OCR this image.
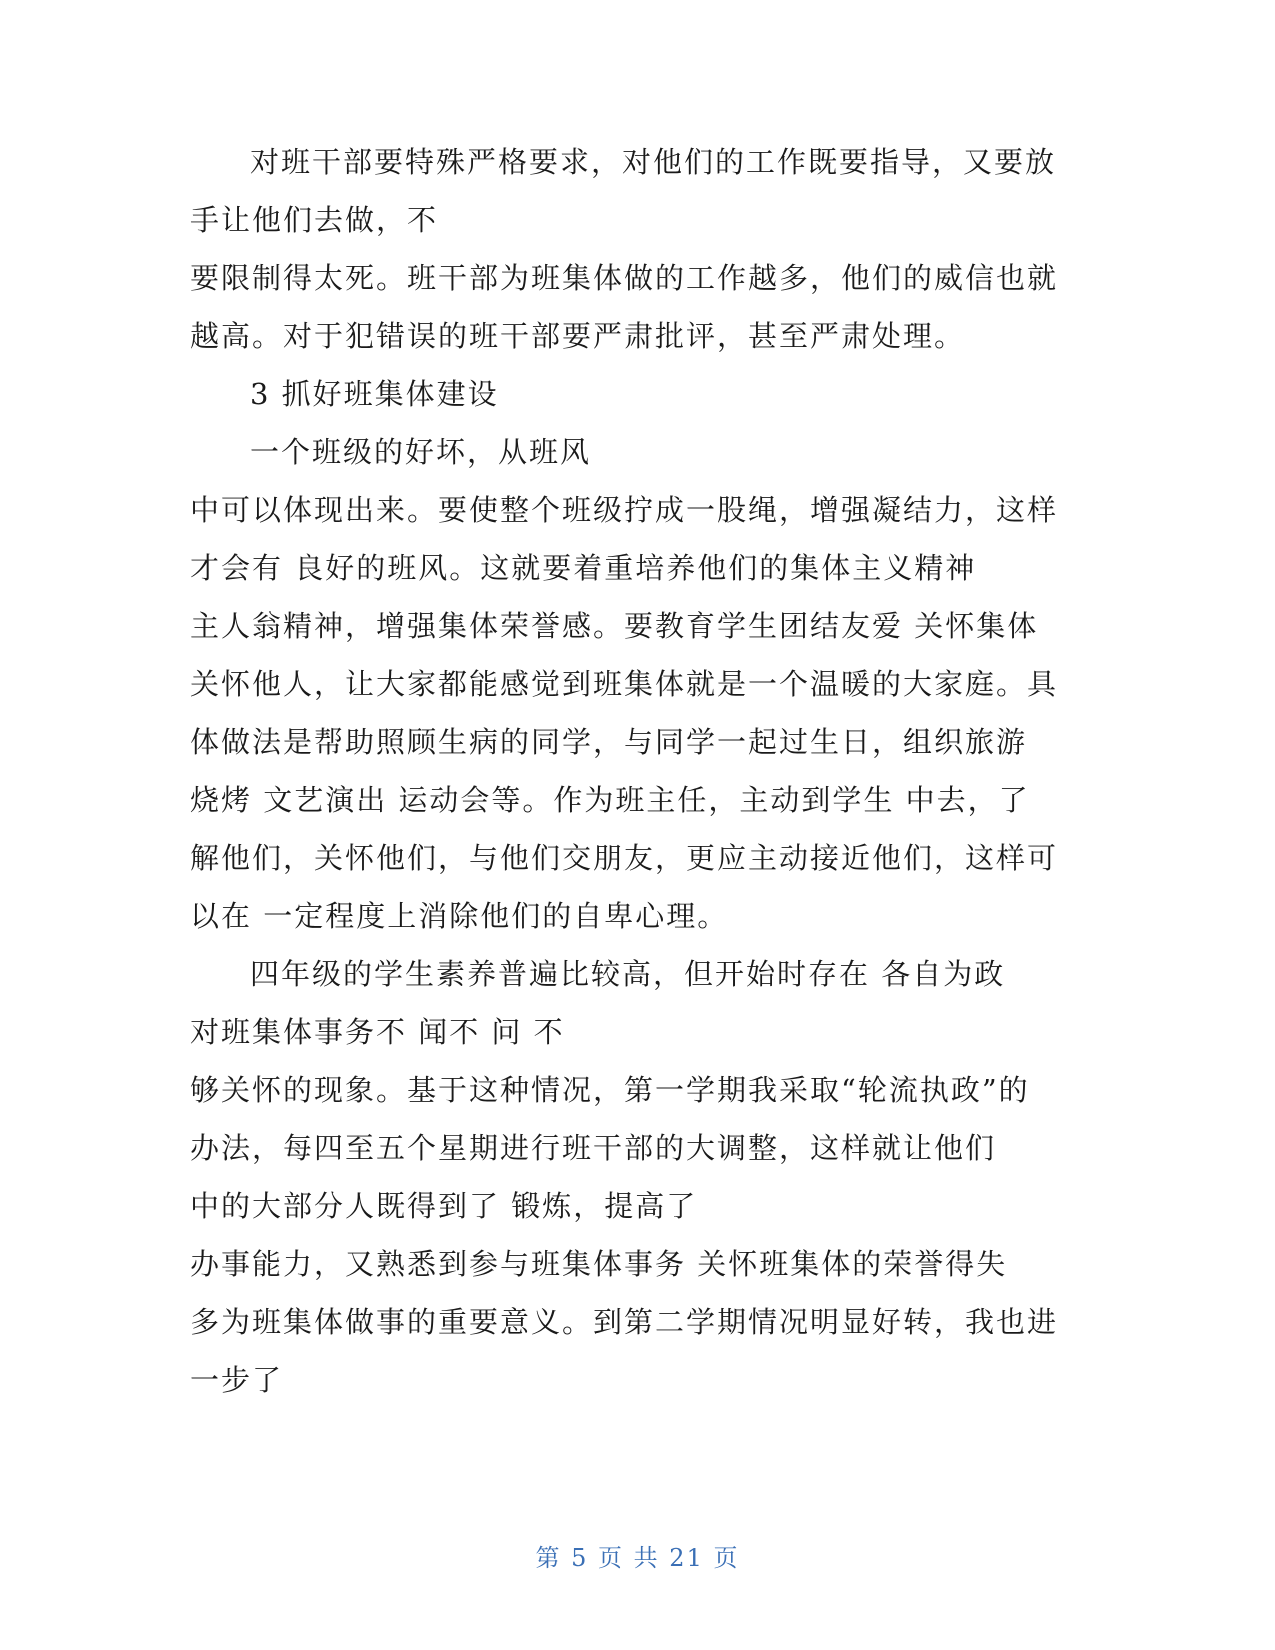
对班干部要特殊严格要求，对他们的工作既要指导，又要放
手让他们去做，不
要限制得太死。班干部为班集体做的工作越多，他们的威信也就
越高。对于犯错误的班干部要严肃批评，甚至严肃处理。
3 抓好班集体建设
一个班级的好坏，从班风
中可以体现出来。要使整个班级拧成一股绳，增强凝结力，这样
才会有 良好的班风。这就要着重培养他们的集体主义精神
主人翁精神，增强集体荣誉感。要教育学生团结友爱 关怀集体
关怀他人，让大家都能感觉到班集体就是一个温暖的大家庭。具
体做法是帮助照顾生病的同学，与同学一起过生日，组织旅游
烧烤 文艺演出 运动会等。作为班主任，主动到学生 中去，了
解他们，关怀他们，与他们交朋友，更应主动接近他们，这样可
以在 一定程度上消除他们的自卑心理。
四年级的学生素养普遍比较高，但开始时存在 各自为政
对班集体事务不 闻不 问 不
够关怀的现象。基于这种情况，第一学期我采取“轮流执政”的
办法，每四至五个星期进行班干部的大调整，这样就让他们
中的大部分人既得到了 锻炼，提高了
办事能力，又熟悉到参与班集体事务 关怀班集体的荣誉得失
多为班集体做事的重要意义。到第二学期情况明显好转，我也进
一步了
第 5 页 共 21 页
